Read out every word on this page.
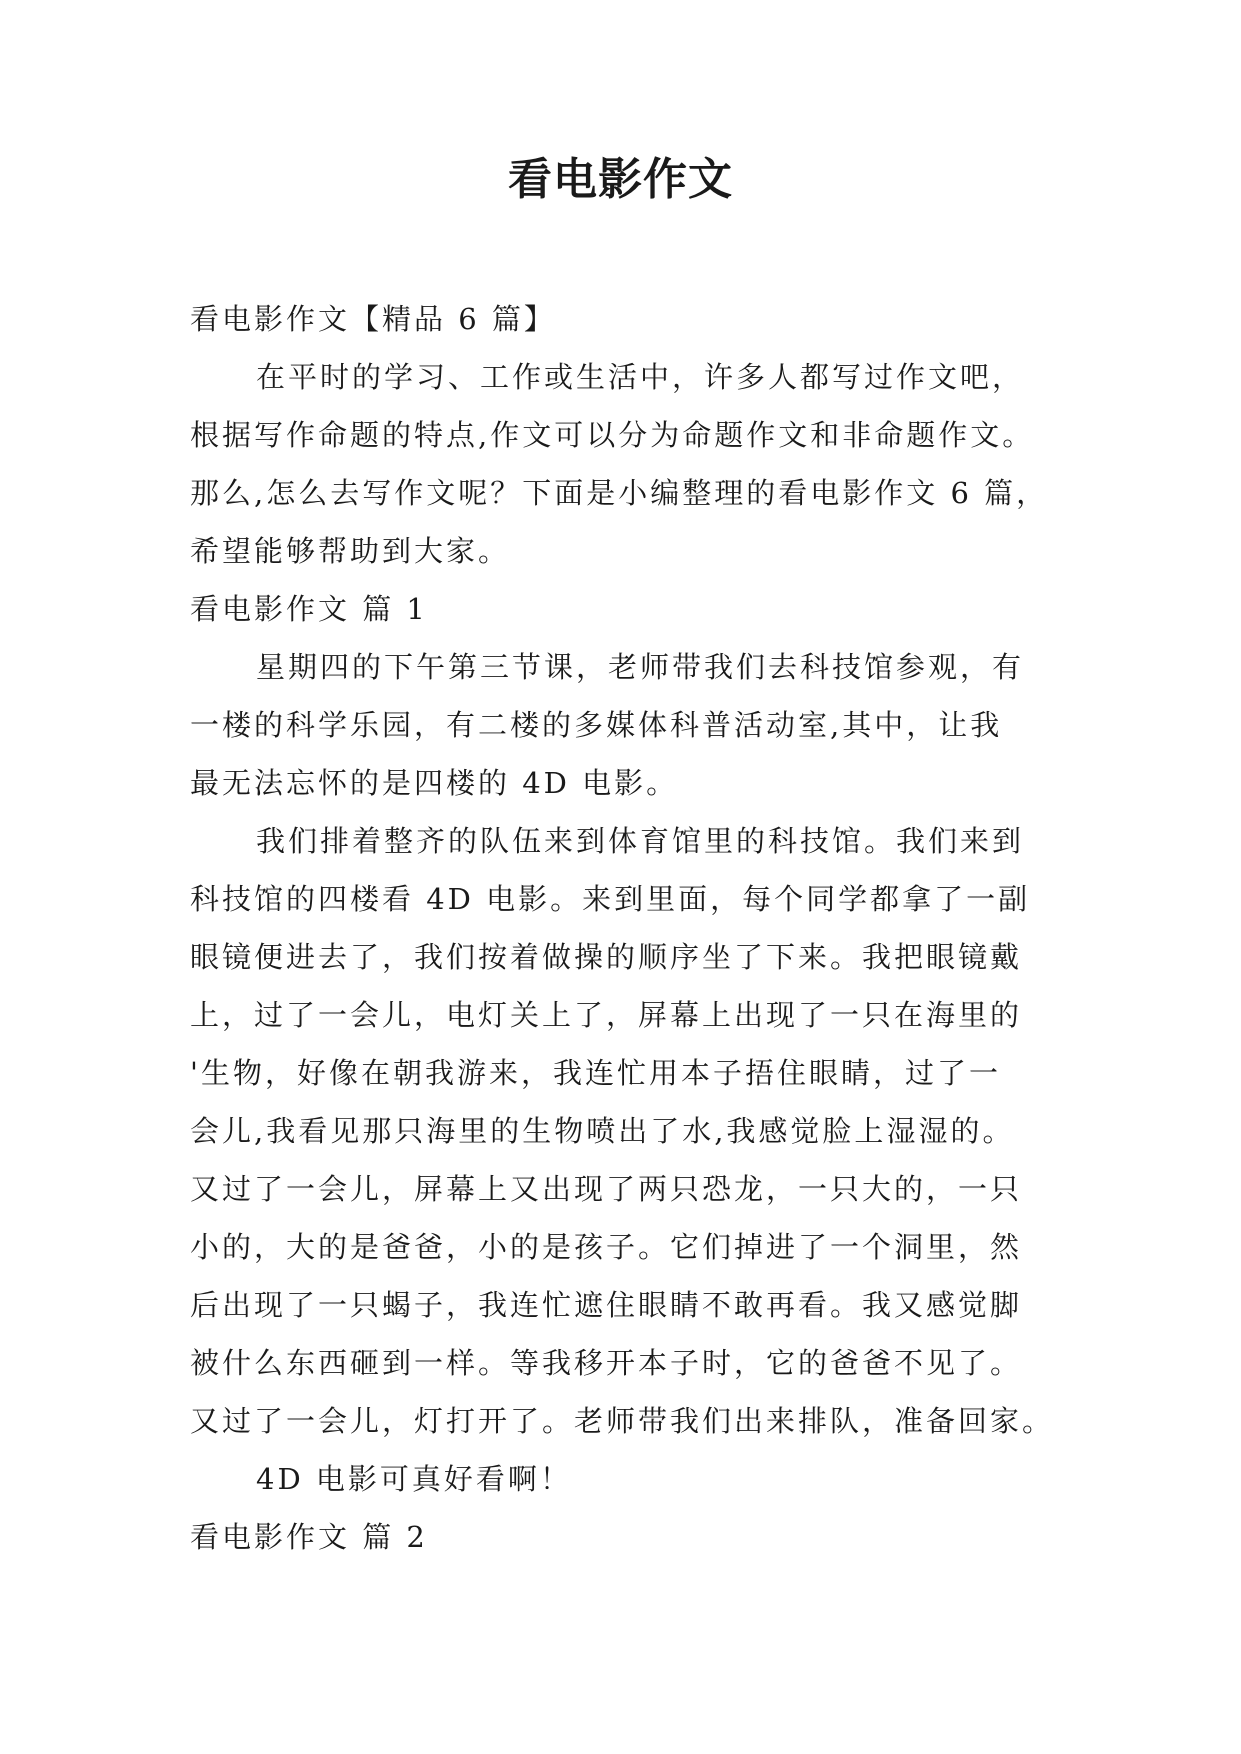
看电影作文
看电影作文【精品 6 篇】
在平时的学习、工作或生活中，许多人都写过作文吧，
根据写作命题的特点,作文可以分为命题作文和非命题作文。
那么,怎么去写作文呢？下面是小编整理的看电影作文 6 篇，
希望能够帮助到大家。
看电影作文 篇 1
星期四的下午第三节课，老师带我们去科技馆参观，有
一楼的科学乐园，有二楼的多媒体科普活动室,其中，让我
最无法忘怀的是四楼的 4D 电影。
我们排着整齐的队伍来到体育馆里的科技馆。我们来到
科技馆的四楼看 4D 电影。来到里面，每个同学都拿了一副
眼镜便进去了，我们按着做操的顺序坐了下来。我把眼镜戴
上，过了一会儿，电灯关上了，屏幕上出现了一只在海里的
'生物，好像在朝我游来，我连忙用本子捂住眼睛，过了一
会儿,我看见那只海里的生物喷出了水,我感觉脸上湿湿的。
又过了一会儿，屏幕上又出现了两只恐龙，一只大的，一只
小的，大的是爸爸，小的是孩子。它们掉进了一个洞里，然
后出现了一只蝎子，我连忙遮住眼睛不敢再看。我又感觉脚
被什么东西砸到一样。等我移开本子时，它的爸爸不见了。
又过了一会儿，灯打开了。老师带我们出来排队，准备回家。
4D 电影可真好看啊！
看电影作文 篇 2
